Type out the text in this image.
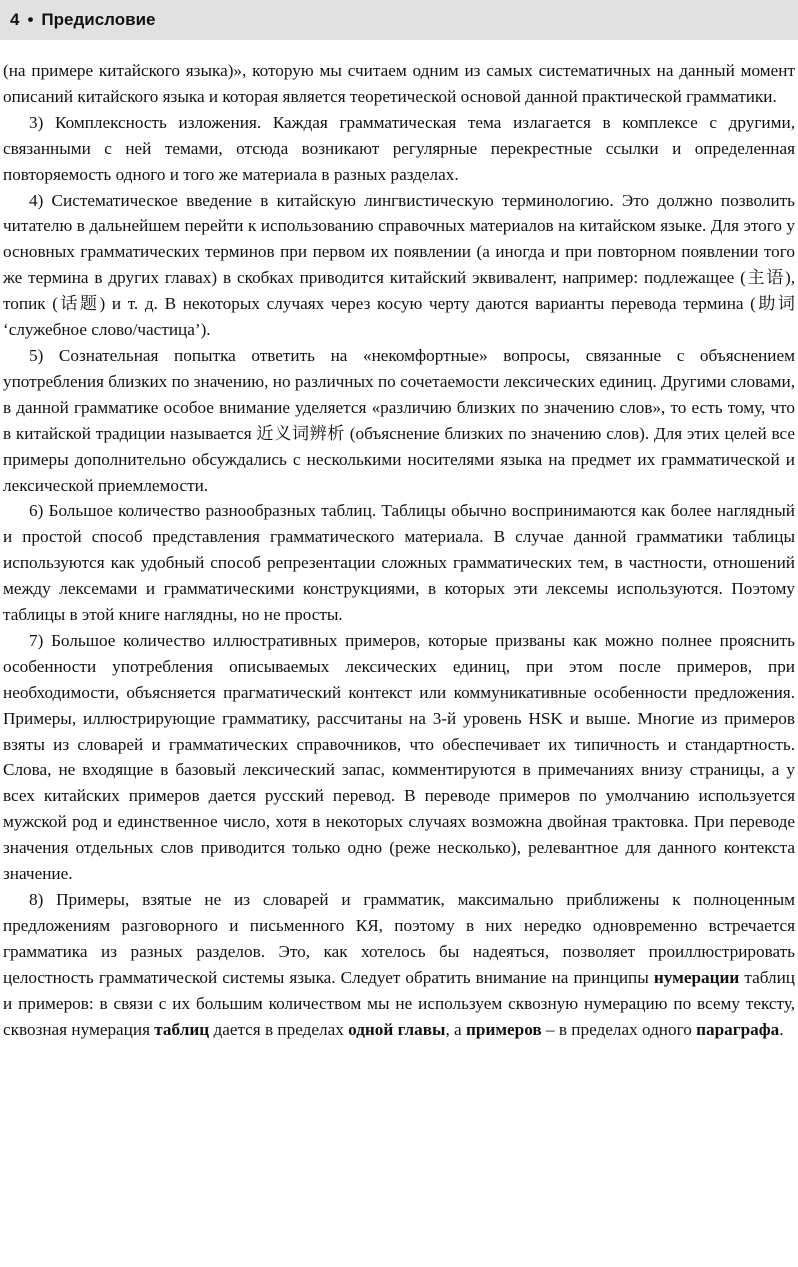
4 • Предисловие

(на примере китайского языка)», которую мы считаем одним из самых систематичных на данный момент описаний китайского языка и которая является теоретической основой данной практической грамматики.

3) Комплексность изложения. Каждая грамматическая тема излагается в комплексе с другими, связанными с ней темами, отсюда возникают регулярные перекрестные ссылки и определенная повторяемость одного и того же материала в разных разделах.

4) Систематическое введение в китайскую лингвистическую терминологию. Это должно позволить читателю в дальнейшем перейти к использованию справочных материалов на китайском языке. Для этого у основных грамматических терминов при первом их появлении (а иногда и при повторном появлении того же термина в других главах) в скобках приводится китайский эквивалент, например: подлежащее (主语), топик (话题) и т. д. В некоторых случаях через косую черту даются варианты перевода термина (助词 ‘служебное слово/частица’).

5) Сознательная попытка ответить на «некомфортные» вопросы, связанные с объяснением употребления близких по значению, но различных по сочетаемости лексических единиц. Другими словами, в данной грамматике особое внимание уделяется «различию близких по значению слов», то есть тому, что в китайской традиции называется 近义词辨析 (объяснение близких по значению слов). Для этих целей все примеры дополнительно обсуждались с несколькими носителями языка на предмет их грамматической и лексической приемлемости.

6) Большое количество разнообразных таблиц. Таблицы обычно воспринимаются как более наглядный и простой способ представления грамматического материала. В случае данной грамматики таблицы используются как удобный способ репрезентации сложных грамматических тем, в частности, отношений между лексемами и грамматическими конструкциями, в которых эти лексемы используются. Поэтому таблицы в этой книге наглядны, но не просты.

7) Большое количество иллюстративных примеров, которые призваны как можно полнее прояснить особенности употребления описываемых лексических единиц, при этом после примеров, при необходимости, объясняется прагматический контекст или коммуникативные особенности предложения. Примеры, иллюстрирующие грамматику, рассчитаны на 3-й уровень HSK и выше. Многие из примеров взяты из словарей и грамматических справочников, что обеспечивает их типичность и стандартность. Слова, не входящие в базовый лексический запас, комментируются в примечаниях внизу страницы, а у всех китайских примеров дается русский перевод. В переводе примеров по умолчанию используется мужской род и единственное число, хотя в некоторых случаях возможна двойная трактовка. При переводе значения отдельных слов приводится только одно (реже несколько), релевантное для данного контекста значение.

8) Примеры, взятые не из словарей и грамматик, максимально приближены к полноценным предложениям разговорного и письменного КЯ, поэтому в них нередко одновременно встречается грамматика из разных разделов. Это, как хотелось бы надеяться, позволяет проиллюстрировать целостность грамматической системы языка. Следует обратить внимание на принципы нумерации таблиц и примеров: в связи с их большим количеством мы не используем сквозную нумерацию по всему тексту, сквозная нумерация таблиц дается в пределах одной главы, а примеров – в пределах одного параграфа.
